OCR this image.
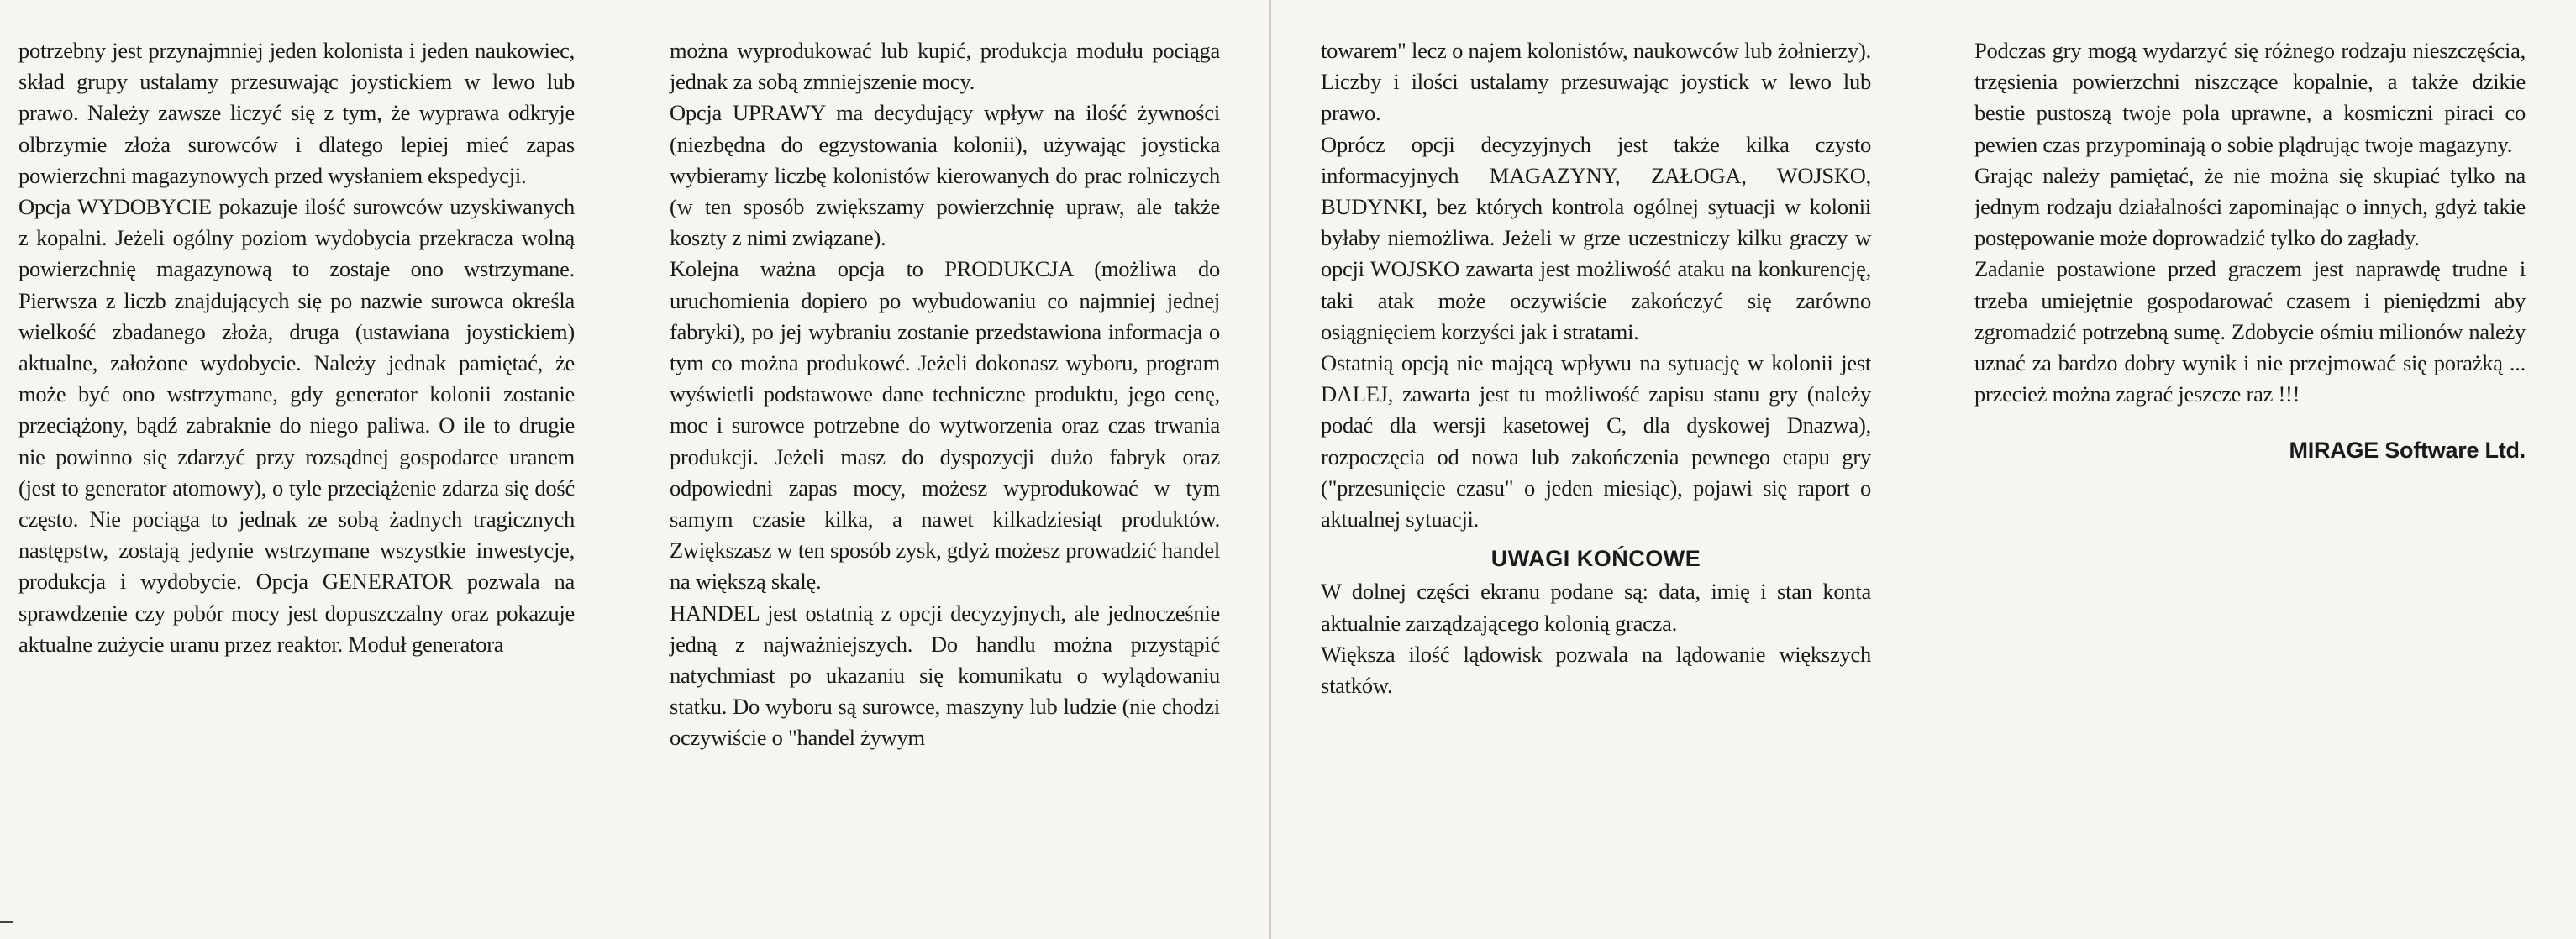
potrzebny jest przynajmniej jeden kolonista i jeden naukowiec, skład grupy ustalamy przesuwając joystickiem w lewo lub prawo. Należy zawsze liczyć się z tym, że wyprawa odkryje olbrzymie złoża surowców i dlatego lepiej mieć zapas powierzchni magazynowych przed wysłaniem ekspedycji.

Opcja WYDOBYCIE pokazuje ilość surowców uzyskiwanych z kopalni. Jeżeli ogólny poziom wydobycia przekracza wolną powierzchnię magazynową to zostaje ono wstrzymane. Pierwsza z liczb znajdujących się po nazwie surowca określa wielkość zbadanego złoża, druga (ustawiana joystickiem) aktualne, założone wydobycie. Należy jednak pamiętać, że może być ono wstrzymane, gdy generator kolonii zostanie przeciążony, bądź zabraknie do niego paliwa. O ile to drugie nie powinno się zdarzyć przy rozsądnej gospodarce uranem (jest to generator atomowy), o tyle przeciążenie zdarza się dość często. Nie pociąga to jednak ze sobą żadnych tragicznych następstw, zostają jedynie wstrzymane wszystkie inwestycje, produkcja i wydobycie. Opcja GENERATOR pozwala na sprawdzenie czy pobór mocy jest dopuszczalny oraz pokazuje aktualne zużycie uranu przez reaktor. Moduł generatora

można wyprodukować lub kupić, produkcja modułu pociąga jednak za sobą zmniejszenie mocy.

Opcja UPRAWY ma decydujący wpływ na ilość żywności (niezbędna do egzystowania kolonii), używając joysticka wybieramy liczbę kolonistów kierowanych do prac rolniczych (w ten sposób zwiększamy powierzchnię upraw, ale także koszty z nimi związane).

Kolejna ważna opcja to PRODUKCJA (możliwa do uruchomienia dopiero po wybudowaniu co najmniej jednej fabryki), po jej wybraniu zostanie przedstawiona informacja o tym co można produkowć. Jeżeli dokonasz wyboru, program wyświetli podstawowe dane techniczne produktu, jego cenę, moc i surowce potrzebne do wytworzenia oraz czas trwania produkcji. Jeżeli masz do dyspozycji dużo fabryk oraz odpowiedni zapas mocy, możesz wyprodukować w tym samym czasie kilka, a nawet kilkadziesiąt produktów. Zwiększasz w ten sposób zysk, gdyż możesz prowadzić handel na większą skalę.

HANDEL jest ostatnią z opcji decyzyjnych, ale jednocześnie jedną z najważniejszych. Do handlu można przystąpić natychmiast po ukazaniu się komunikatu o wylądowaniu statku. Do wyboru są surowce, maszyny lub ludzie (nie chodzi oczywiście o "handel żywym

towarem" lecz o najem kolonistów, naukowców lub żołnierzy). Liczby i ilości ustalamy przesuwając joystick w lewo lub prawo.

Oprócz opcji decyzyjnych jest także kilka czysto informacyjnych MAGAZYNY, ZAŁOGA, WOJSKO, BUDYNKI, bez których kontrola ogólnej sytuacji w kolonii byłaby niemożliwa. Jeżeli w grze uczestniczy kilku graczy w opcji WOJSKO zawarta jest możliwość ataku na konkurencję, taki atak może oczywiście zakończyć się zarówno osiągnięciem korzyści jak i stratami.

Ostatnią opcją nie mającą wpływu na sytuację w kolonii jest DALEJ, zawarta jest tu możliwość zapisu stanu gry (należy podać dla wersji kasetowej C, dla dyskowej Dnazwa), rozpoczęcia od nowa lub zakończenia pewnego etapu gry ("przesunięcie czasu" o jeden miesiąc), pojawi się raport o aktualnej sytuacji.

UWAGI KOŃCOWE

W dolnej części ekranu podane są: data, imię i stan konta aktualnie zarządzającego kolonią gracza.

Większa ilość lądowisk pozwala na lądowanie większych statków.

Podczas gry mogą wydarzyć się różnego rodzaju nieszczęścia, trzęsienia powierzchni niszczące kopalnie, a także dzikie bestie pustoszą twoje pola uprawne, a kosmiczni piraci co pewien czas przypominają o sobie plądrując twoje magazyny.

Grając należy pamiętać, że nie można się skupiać tylko na jednym rodzaju działalności zapominając o innych, gdyż takie postępowanie może doprowadzić tylko do zagłady.

Zadanie postawione przed graczem jest naprawdę trudne i trzeba umiejętnie gospodarować czasem i pieniędzmi aby zgromadzić potrzebną sumę. Zdobycie ośmiu milionów należy uznać za bardzo dobry wynik i nie przejmować się porażką ... przecież można zagrać jeszcze raz !!!

MIRAGE Software Ltd.
